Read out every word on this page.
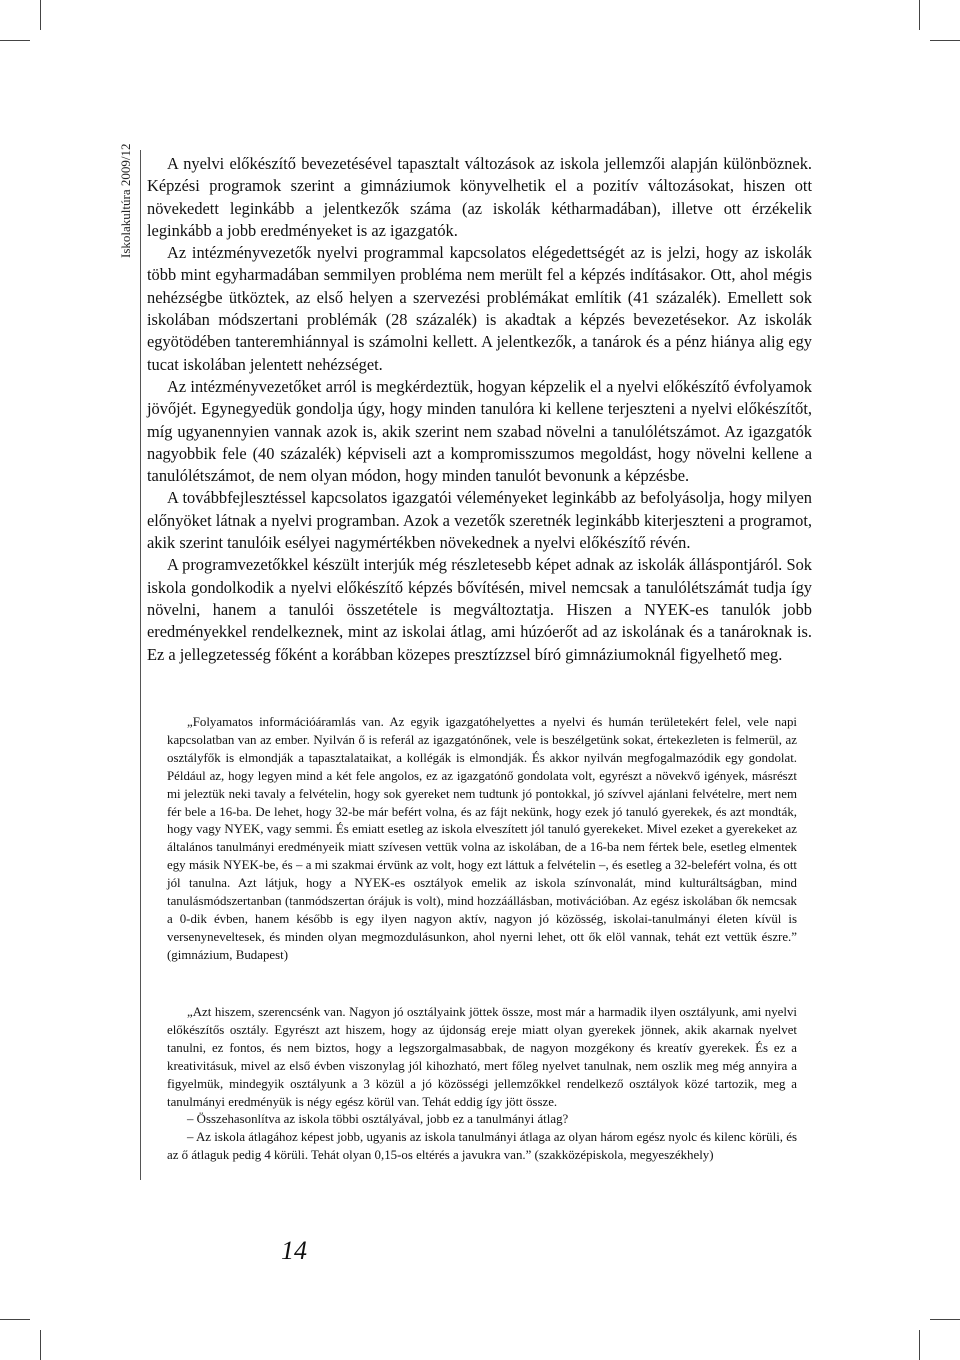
Iskolakultúra 2009/12	A nyelvi előkészítő bevezetésével tapasztalt változások az iskola jellemzői alapján különböznek. Képzési programok szerint a gimnáziumok könyvelhetik el a pozitív változásokat, hiszen ott növekedett leginkább a jelentkezők száma (az iskolák kétharmadában), illetve ott érzékelik leginkább a jobb eredményeket is az igazgatók.

Az intézményvezetők nyelvi programmal kapcsolatos elégedettségét az is jelzi, hogy az iskolák több mint egyharmadában semmilyen probléma nem merült fel a képzés indításakor. Ott, ahol mégis nehézségbe ütköztek, az első helyen a szervezési problémákat említik (41 százalék). Emellett sok iskolában módszertani problémák (28 százalék) is akadtak a képzés bevezetésekor. Az iskolák egyötödében tanteremhiánnyal is számolni kellett. A jelentkezők, a tanárok és a pénz hiánya alig egy tucat iskolában jelentett nehézséget.

Az intézményvezetőket arról is megkérdeztük, hogyan képzelik el a nyelvi előkészítő évfolyamok jövőjét. Egynegyedük gondolja úgy, hogy minden tanulóra ki kellene terjeszteni a nyelvi előkészítőt, míg ugyanennyien vannak azok is, akik szerint nem szabad növelni a tanulólétszámot. Az igazgatók nagyobbik fele (40 százalék) képviseli azt a kompromisszumos megoldást, hogy növelni kellene a tanulólétszámot, de nem olyan módon, hogy minden tanulót bevonunk a képzésbe.

A továbbfejlesztéssel kapcsolatos igazgatói véleményeket leginkább az befolyásolja, hogy milyen előnyöket látnak a nyelvi programban. Azok a vezetők szeretnék leginkább kiterjeszteni a programot, akik szerint tanulóik esélyei nagymértékben növekednek a nyelvi előkészítő révén.

A programvezetőkkel készült interjúk még részletesebb képet adnak az iskolák álláspontjáról. Sok iskola gondolkodik a nyelvi előkészítő képzés bővítésén, mivel nemcsak a tanulólétszámát tudja így növelni, hanem a tanulói összetétele is megváltoztatja. Hiszen a NYEK-es tanulók jobb eredményekkel rendelkeznek, mint az iskolai átlag, ami húzóerőt ad az iskolának és a tanároknak is. Ez a jellegzetesség főként a korábban közepes presztízzsel bíró gimnáziumoknál figyelhető meg.

„Folyamatos információáramlás van. Az egyik igazgatóhelyettes a nyelvi és humán területekért felel, vele napi kapcsolatban van az ember. Nyilván ő is referál az igazgatónőnek, vele is beszélgetünk sokat, értekezleten is felmerül, az osztályfők is elmondják a tapasztalataikat, a kollégák is elmondják. És akkor nyilván megfogalmazódik egy gondolat. Például az, hogy legyen mind a két fele angolos, ez az igazgatónő gondolata volt, egyrészt a növekvő igények, másrészt mi jeleztük neki tavaly a felvételin, hogy sok gyereket nem tudtunk jó pontokkal, jó szívvel ajánlani felvételre, mert nem fér bele a 16-ba. De lehet, hogy 32-be már befért volna, és az fájt nekünk, hogy ezek jó tanuló gyerekek, és azt mondták, hogy vagy NYEK, vagy semmi. És emiatt esetleg az iskola elveszített jól tanuló gyerekeket. Mivel ezeket a gyerekeket az általános tanulmányi eredményeik miatt szívesen vettük volna az iskolában, de a 16-ba nem fértek bele, esetleg elmentek egy másik NYEK-be, és – a mi szakmai érvünk az volt, hogy ezt láttuk a felvételin –, és esetleg a 32-belefért volna, és ott jól tanulna. Azt látjuk, hogy a NYEK-es osztályok emelik az iskola színvonalát, mind kulturáltságban, mind tanulásmódszertanban (tanmódszertan órájuk is volt), mind hozzáállásban, motivációban. Az egész iskolában ők nemcsak a 0-dik évben, hanem később is egy ilyen nagyon aktív, nagyon jó közösség, iskolai-tanulmányi életen kívül is versenyneveltesek, és minden olyan megmozdulásunkon, ahol nyerni lehet, ott ők elöl vannak, tehát ezt vettük észre.” (gimnázium, Budapest)

„Azt hiszem, szerencsénk van. Nagyon jó osztályaink jöttek össze, most már a harmadik ilyen osztályunk, ami nyelvi előkészítős osztály. Egyrészt azt hiszem, hogy az újdonság ereje miatt olyan gyerekek jönnek, akik akarnak nyelvet tanulni, ez fontos, és nem biztos, hogy a legszorgalmasabbak, de nagyon mozgékony és kreatív gyerekek. És ez a kreativitásuk, mivel az első évben viszonylag jól kihozható, mert főleg nyelvet tanulnak, nem oszlik meg még annyira a figyelmük, mindegyik osztályunk a 3 közül a jó közösségi jellemzőkkel rendelkező osztályok közé tartozik, meg a tanulmányi eredményük is négy egész körül van. Tehát eddig így jött össze.

– Összehasonlítva az iskola többi osztályával, jobb ez a tanulmányi átlag?

– Az iskola átlagához képest jobb, ugyanis az iskola tanulmányi átlaga az olyan három egész nyolc és kilenc körüli, és az ő átlaguk pedig 4 körüli. Tehát olyan 0,15-os eltérés a javukra van.” (szakközépiskola, megyeszékhely)

14
